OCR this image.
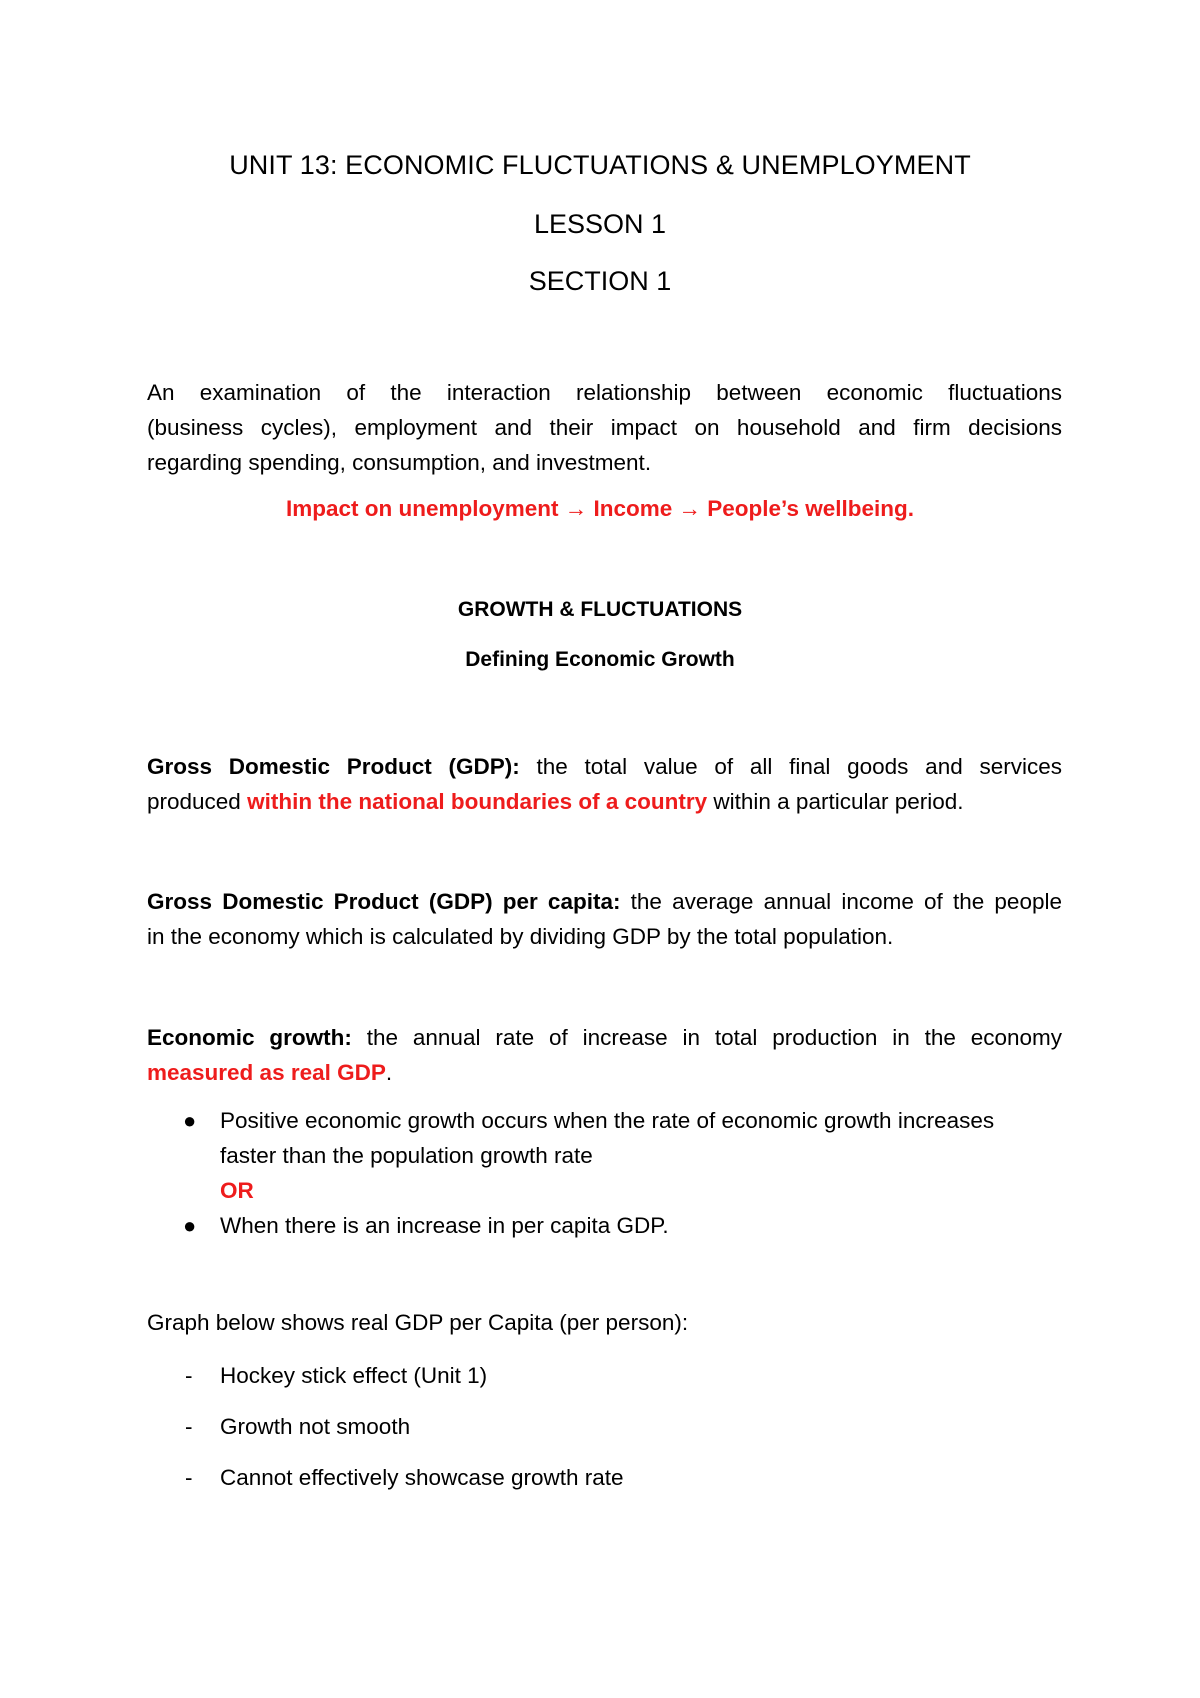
UNIT 13: ECONOMIC FLUCTUATIONS & UNEMPLOYMENT
LESSON 1
SECTION 1
An examination of the interaction relationship between economic fluctuations
(business cycles), employment and their impact on household and firm decisions
regarding spending, consumption, and investment.
Impact on unemployment → Income → People’s wellbeing.
GROWTH & FLUCTUATIONS
Defining Economic Growth
Gross Domestic Product (GDP): the total value of all final goods and services
produced within the national boundaries of a country within a particular period.
Gross Domestic Product (GDP) per capita: the average annual income of the people
in the economy which is calculated by dividing GDP by the total population.
Economic growth: the annual rate of increase in total production in the economy
measured as real GDP.
● Positive economic growth occurs when the rate of economic growth increases
faster than the population growth rate
OR
● When there is an increase in per capita GDP.
Graph below shows real GDP per Capita (per person):
- Hockey stick effect (Unit 1)
- Growth not smooth
- Cannot effectively showcase growth rate
